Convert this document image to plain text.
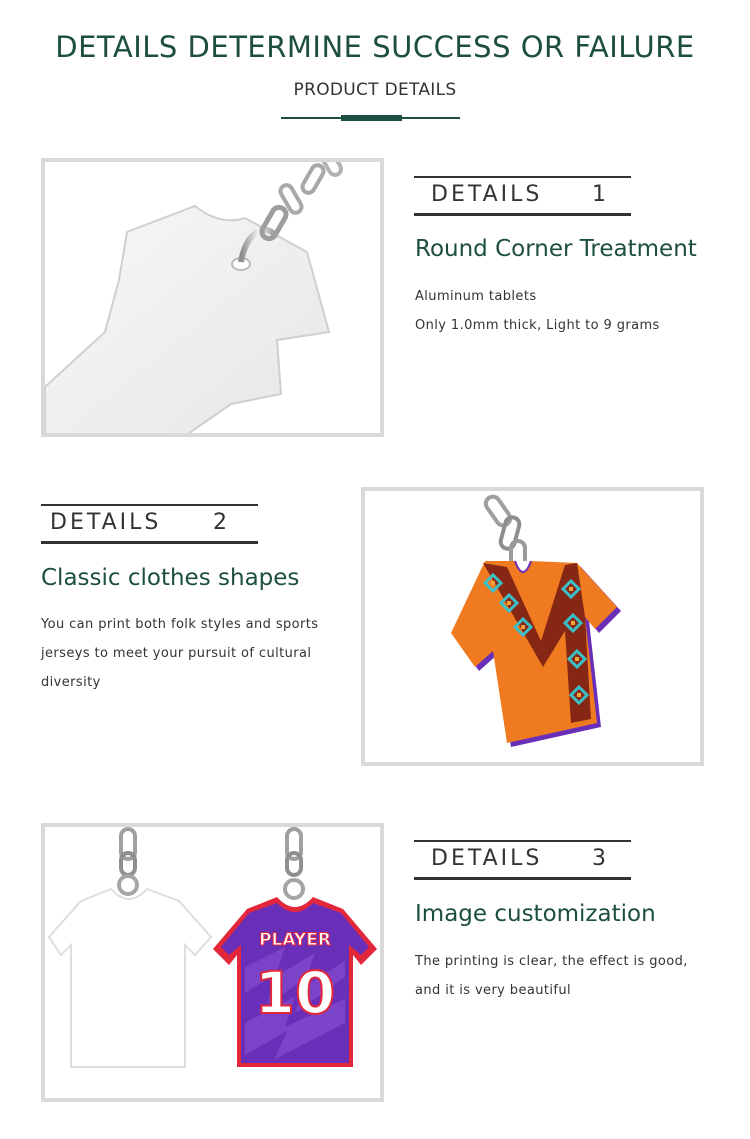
DETAILS DETERMINE SUCCESS OR FAILURE
PRODUCT DETAILS
DETAILS 1
Round Corner Treatment
Aluminum tablets
Only 1.0mm thick, Light to 9 grams
DETAILS 2
Classic clothes shapes
You can print both folk styles and sports
jerseys to meet your pursuit of cultural
diversity
PLAYER
10
DETAILS 3
Image customization
The printing is clear, the effect is good,
and it is very beautiful
